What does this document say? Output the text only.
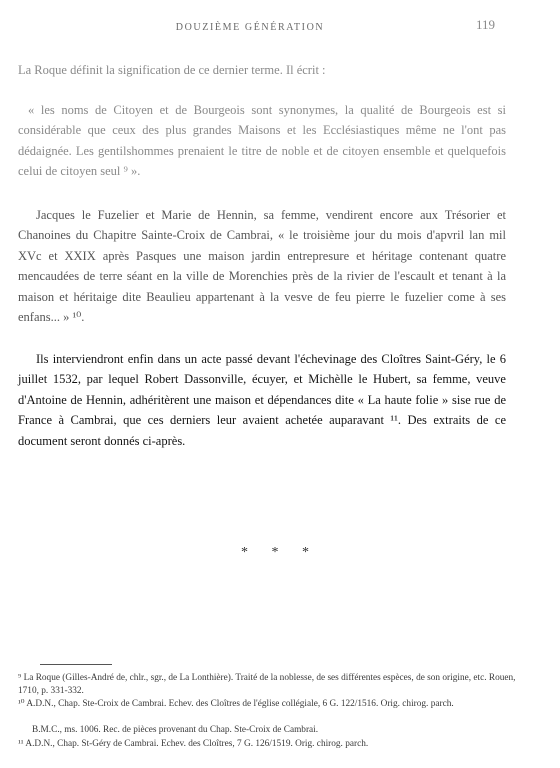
DOUZIÈME GÉNÉRATION	119

La Roque définit la signification de ce dernier terme. Il écrit :

« les noms de Citoyen et de Bourgeois sont synonymes, la qualité de Bourgeois est si considérable que ceux des plus grandes Maisons et les Ecclésiastiques même ne l'ont pas dédaignée. Les gentilshommes prenaient le titre de noble et de citoyen ensemble et quelquefois celui de citoyen seul ⁹ ».

Jacques le Fuzelier et Marie de Hennin, sa femme, vendirent encore aux Trésorier et Chanoines du Chapitre Sainte-Croix de Cambrai, « le troisième jour du mois d'apvril lan mil XVc et XXIX après Pasques une maison jardin entrepresure et héritage contenant quatre mencaudées de terre séant en la ville de Morenchies près de la rivier de l'escault et tenant à la maison et héritaige dite Beaulieu appartenant à la vesve de feu pierre le fuzelier come à ses enfans... » ¹⁰.

Ils interviendront enfin dans un acte passé devant l'échevinage des Cloîtres Saint-Géry, le 6 juillet 1532, par lequel Robert Dassonville, écuyer, et Michèlle le Hubert, sa femme, veuve d'Antoine de Hennin, adhéritèrent une maison et dépendances dite « La haute folie » sise rue de France à Cambrai, que ces derniers leur avaient achetée auparavant ¹¹. Des extraits de ce document seront donnés ci-après.

* * *

⁹ La Roque (Gilles-André de, chlr., sgr., de La Lonthière). Traité de la noblesse, de ses différentes espèces, de son origine, etc. Rouen, 1710, p. 331-332.

¹⁰ A.D.N., Chap. Ste-Croix de Cambrai. Echev. des Cloîtres de l'église collégiale, 6 G. 122/1516. Orig. chirog. parch.

B.M.C., ms. 1006. Rec. de pièces provenant du Chap. Ste-Croix de Cambrai.

¹¹ A.D.N., Chap. St-Géry de Cambrai. Echev. des Cloîtres, 7 G. 126/1519. Orig. chirog. parch.
